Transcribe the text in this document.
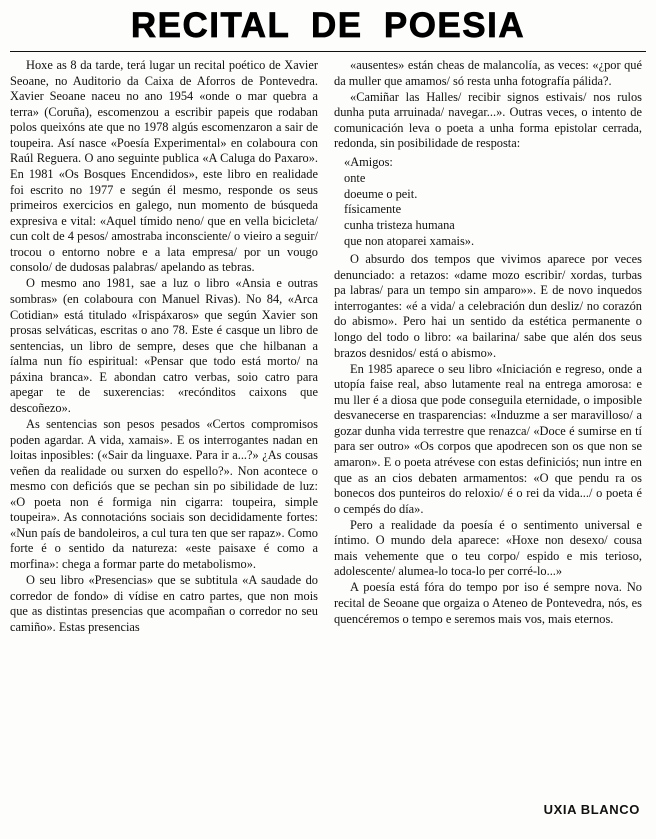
RECITAL DE POESIA

Hoxe as 8 da tarde, terá lugar un recital poético de Xavier Seoane, no Auditorio da Caixa de Aforros de Pontevedra. Xavier Seoane naceu no ano 1954 «onde o mar quebra a terra» (Coruña), escomenzou a escribir papeis que rodaban polos queixóns ate que no 1978 algús escomenzaron a sair de toupeira. Así nasce «Poesía Experimental» en colaboura con Raúl Reguera. O ano seguinte publica «A Caluga do Paxaro». En 1981 «Os Bosques Encendidos», este libro en realidade foi escrito no 1977 e según él mesmo, responde os seus primeiros exercicios en galego, nun momento de búsqueda expresiva e vital: «Aquel tímido neno/ que en vella bicicleta/ cun colt de 4 pesos/ amostraba inconsciente/ o vieiro a seguir/ trocou o entorno nobre e a lata empresa/ por un vougo consolo/ de dudosas palabras/ apelando as tebras.

O mesmo ano 1981, sae a luz o libro «Ansia e outras sombras» (en colaboura con Manuel Rivas). No 84, «Arca Cotidian» está titulado «Irispáxaros» que según Xavier son prosas selváticas, escritas o ano 78. Este é casque un libro de sentencias, un libro de sempre, deses que che hilbanan a íalma nun fío espiritual: «Pensar que todo está morto/ na páxina branca». E abondan catro verbas, soio catro para apegar te de suxerencias: «recónditos caixons que descoñezo».

As sentencias son pesos pesados «Certos compromisos poden agardar. A vida, xamais». E os interrogantes nadan en loitas inposibles: («Sair da linguaxe. Para ir a...?» ¿As cousas veñen da realidade ou surxen do espello?». Non acontece o mesmo con deficiós que se pechan sin po sibilidade de luz: «O poeta non é formiga nin cigarra: toupeira, simple toupeira». As connotacións sociais son decididamente fortes: «Nun país de bandoleiros, a cul tura ten que ser rapaz». Como forte é o sentido da natureza: «este paisaxe é como a morfina»: chega a formar parte do metabolismo».

O seu libro «Presencias» que se subtitula «A saudade do corredor de fondo» di vídise en catro partes, que non mois que as distintas presencias que acompañan o corredor no seu camiño». Estas presencias

«ausentes» están cheas de malancolía, as veces: «¿por qué da muller que amamos/ só resta unha fotografía pálida?.

«Camiñar las Halles/ recibir signos estivais/ nos rulos dunha puta arruinada/ navegar...». Outras veces, o intento de comunicación leva o poeta a unha forma epistolar cerrada, redonda, sin posibilidade de resposta:

«Amigos:
onte
doeume o peit.
físicamente
cunha tristeza humana
que non atoparei xamais».

O absurdo dos tempos que vivimos aparece por veces denunciado: a retazos: «dame mozo escribir/ xordas, turbas pa labras/ para un tempo sin amparo»». E de novo inquedos interrogantes: «é a vida/ a celebración dun desliz/ no corazón do abismo». Pero hai un sentido da estética permanente o longo del todo o libro: «a bailarina/ sabe que alén dos seus brazos desnidos/ está o abismo».

En 1985 aparece o seu libro «Iniciación e regreso, onde a utopía faise real, abso lutamente real na entrega amorosa: e mu ller é a diosa que pode conseguila eternidade, o imposible desvanecerse en trasparencias: «Induzme a ser maravilloso/ a gozar dunha vida terrestre que renazca/ «Doce é sumirse en tí para ser outro» «Os corpos que apodrecen son os que non se amaron». E o poeta atrévese con estas definiciós; nun intre en que as an cios debaten armamentos: «O que pendu ra os bonecos dos punteiros do reloxio/ é o rei da vida.../ o poeta é o cempés do día».

Pero a realidade da poesía é o sentimento universal e íntimo. O mundo dela aparece: «Hoxe non desexo/ cousa mais vehemente que o teu corpo/ espido e mis terioso, adolescente/ alumea-lo toca-lo per corré-lo...»

A poesía está fóra do tempo por iso é sempre nova. No recital de Seoane que orgaiza o Ateneo de Pontevedra, nós, es quencéremos o tempo e seremos mais vos, mais eternos.

UXIA BLANCO
